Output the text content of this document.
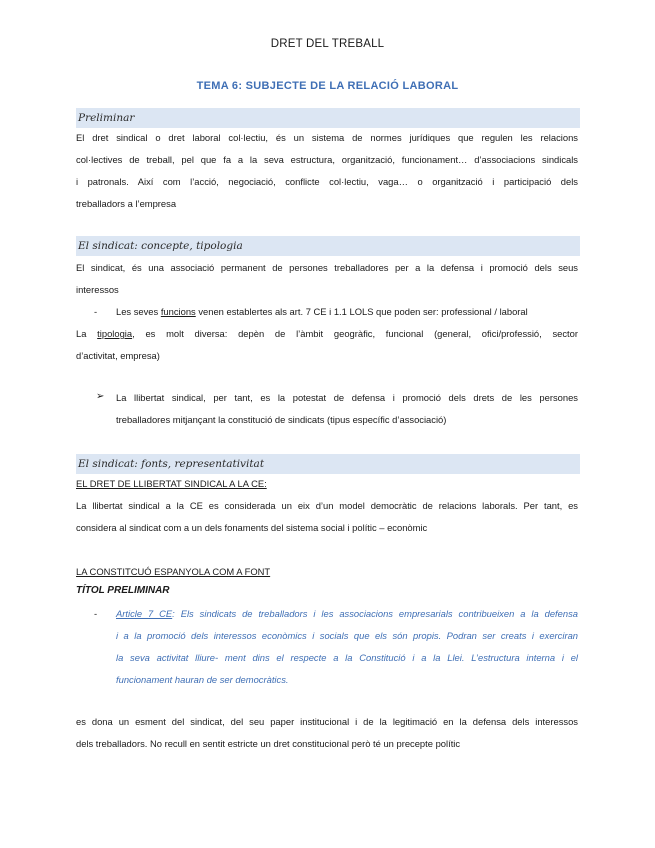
DRET DEL TREBALL
TEMA 6: SUBJECTE DE LA RELACIÓ LABORAL
Preliminar
El dret sindical o dret laboral col·lectiu, és un sistema de normes jurídiques que regulen les relacions
col·lectives de treball, pel que fa a la seva estructura, organització, funcionament… d’associacions sindicals
i patronals. Així com l’acció, negociació, conflicte col·lectiu, vaga… o organització i participació dels
treballadors a l’empresa
El sindicat: concepte, tipologia
El sindicat, és una associació permanent de persones treballadores per a la defensa i promoció dels seus
interessos
- Les seves funcions venen establertes als art. 7 CE i 1.1 LOLS que poden ser: professional / laboral
La tipologia, es molt diversa: depèn de l’àmbit geogràfic, funcional (general, ofici/professió, sector
d’activitat, empresa)
➢ La llibertat sindical, per tant, es la potestat de defensa i promoció dels drets de les persones
treballadores mitjançant la constitució de sindicats (tipus específic d’associació)
El sindicat: fonts, representativitat
EL DRET DE LLIBERTAT SINDICAL A LA CE:
La llibertat sindical a la CE es considerada un eix d’un model democràtic de relacions laborals. Per tant, es
considera al sindicat com a un dels fonaments del sistema social i polític – econòmic
LA CONSTITCUÓ ESPANYOLA COM A FONT
TÍTOL PRELIMINAR
- Article 7 CE: Els sindicats de treballadors i les associacions empresarials contribueixen a la defensa
i a la promoció dels interessos econòmics i socials que els són propis. Podran ser creats i exerciran
la seva activitat lliure- ment dins el respecte a la Constitució i a la Llei. L’estructura interna i el
funcionament hauran de ser democràtics.
es dona un esment del sindicat, del seu paper institucional i de la legitimació en la defensa dels interessos
dels treballadors. No recull en sentit estricte un dret constitucional però té un precepte polític
